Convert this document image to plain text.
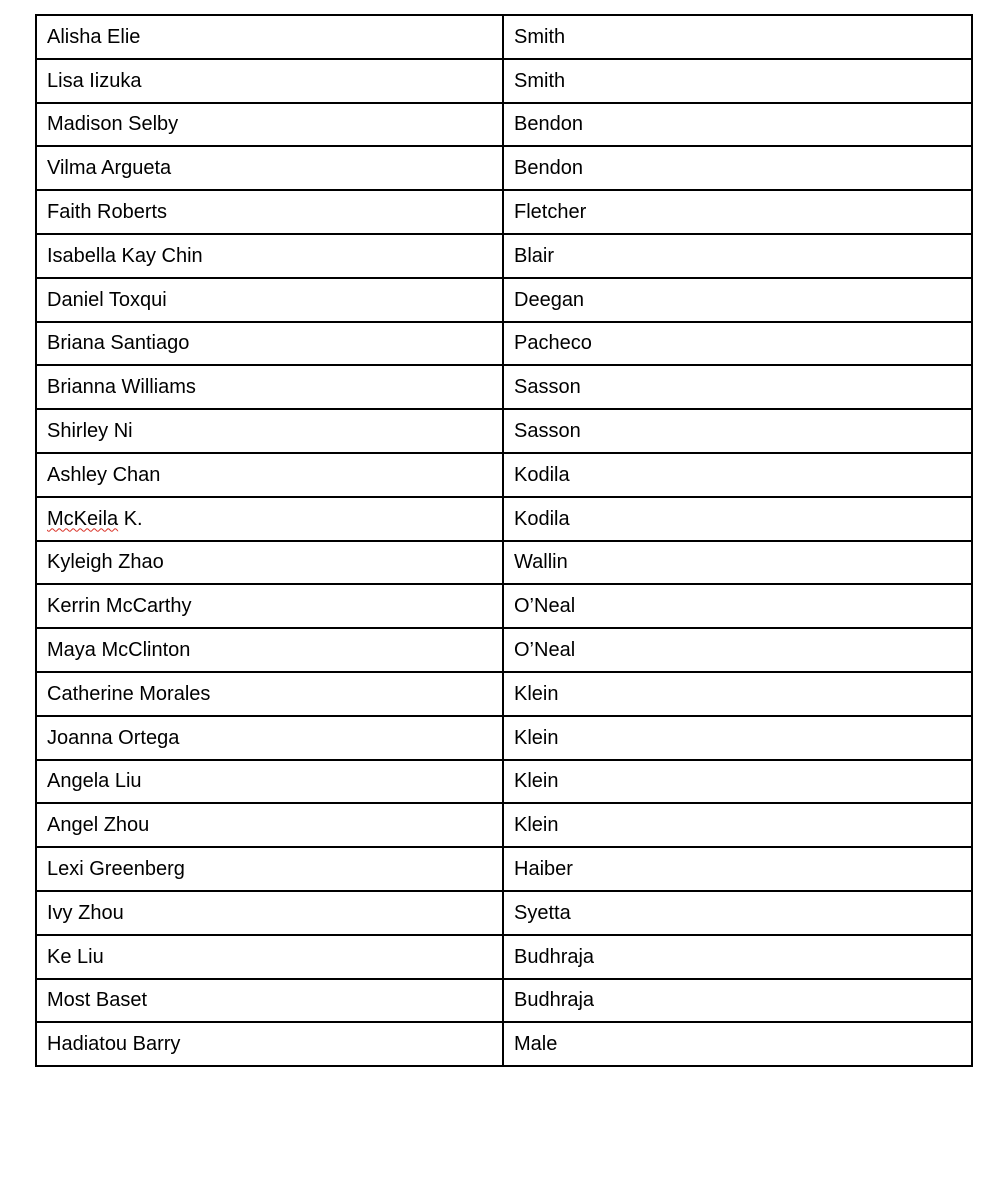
Alisha Elie	Smith
Lisa Iizuka	Smith
Madison Selby	Bendon
Vilma Argueta	Bendon
Faith Roberts	Fletcher
Isabella Kay Chin	Blair
Daniel Toxqui	Deegan
Briana Santiago	Pacheco
Brianna Williams	Sasson
Shirley Ni	Sasson
Ashley Chan	Kodila
McKeila K.	Kodila
Kyleigh Zhao	Wallin
Kerrin McCarthy	O’Neal
Maya McClinton	O’Neal
Catherine Morales	Klein
Joanna Ortega	Klein
Angela Liu	Klein
Angel Zhou	Klein
Lexi Greenberg	Haiber
Ivy Zhou	Syetta
Ke Liu	Budhraja
Most Baset	Budhraja
Hadiatou Barry	Male
